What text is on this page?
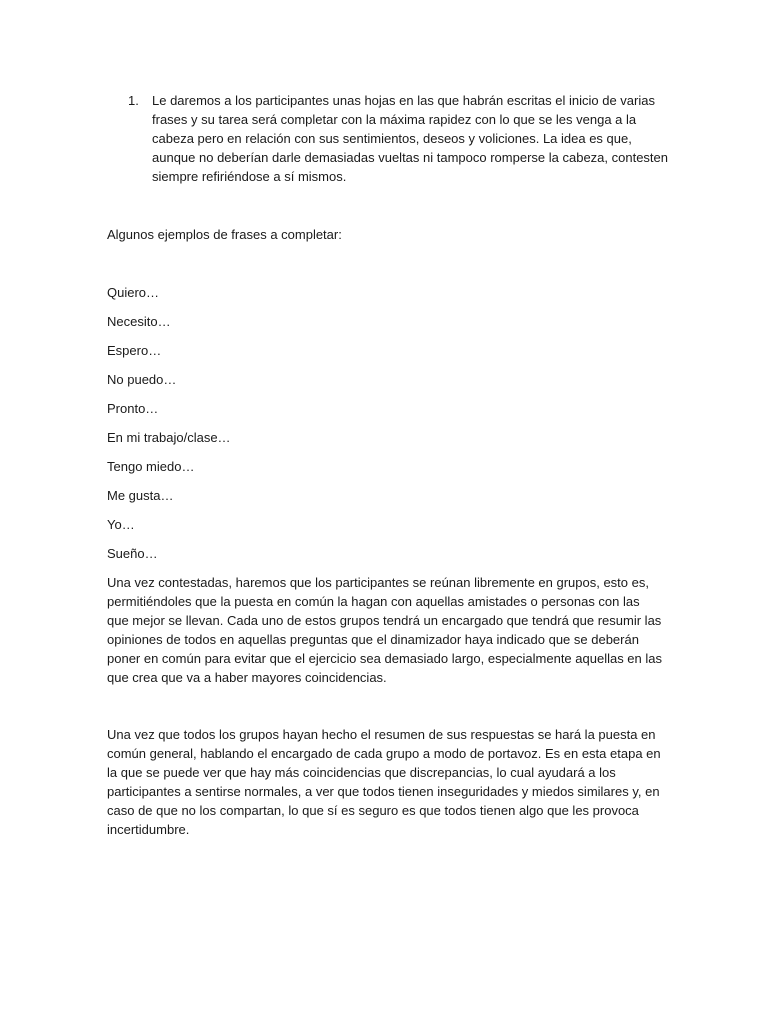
1. Le daremos a los participantes unas hojas en las que habrán escritas el inicio de varias frases y su tarea será completar con la máxima rapidez con lo que se les venga a la cabeza pero en relación con sus sentimientos, deseos y voliciones. La idea es que, aunque no deberían darle demasiadas vueltas ni tampoco romperse la cabeza, contesten siempre refiriéndose a sí mismos.
Algunos ejemplos de frases a completar:
Quiero…
Necesito…
Espero…
No puedo…
Pronto…
En mi trabajo/clase…
Tengo miedo…
Me gusta…
Yo…
Sueño…
Una vez contestadas, haremos que los participantes se reúnan libremente en grupos, esto es, permitiéndoles que la puesta en común la hagan con aquellas amistades o personas con las que mejor se llevan. Cada uno de estos grupos tendrá un encargado que tendrá que resumir las opiniones de todos en aquellas preguntas que el dinamizador haya indicado que se deberán poner en común para evitar que el ejercicio sea demasiado largo, especialmente aquellas en las que crea que va a haber mayores coincidencias.
Una vez que todos los grupos hayan hecho el resumen de sus respuestas se hará la puesta en común general, hablando el encargado de cada grupo a modo de portavoz. Es en esta etapa en la que se puede ver que hay más coincidencias que discrepancias, lo cual ayudará a los participantes a sentirse normales, a ver que todos tienen inseguridades y miedos similares y, en caso de que no los compartan, lo que sí es seguro es que todos tienen algo que les provoca incertidumbre.
